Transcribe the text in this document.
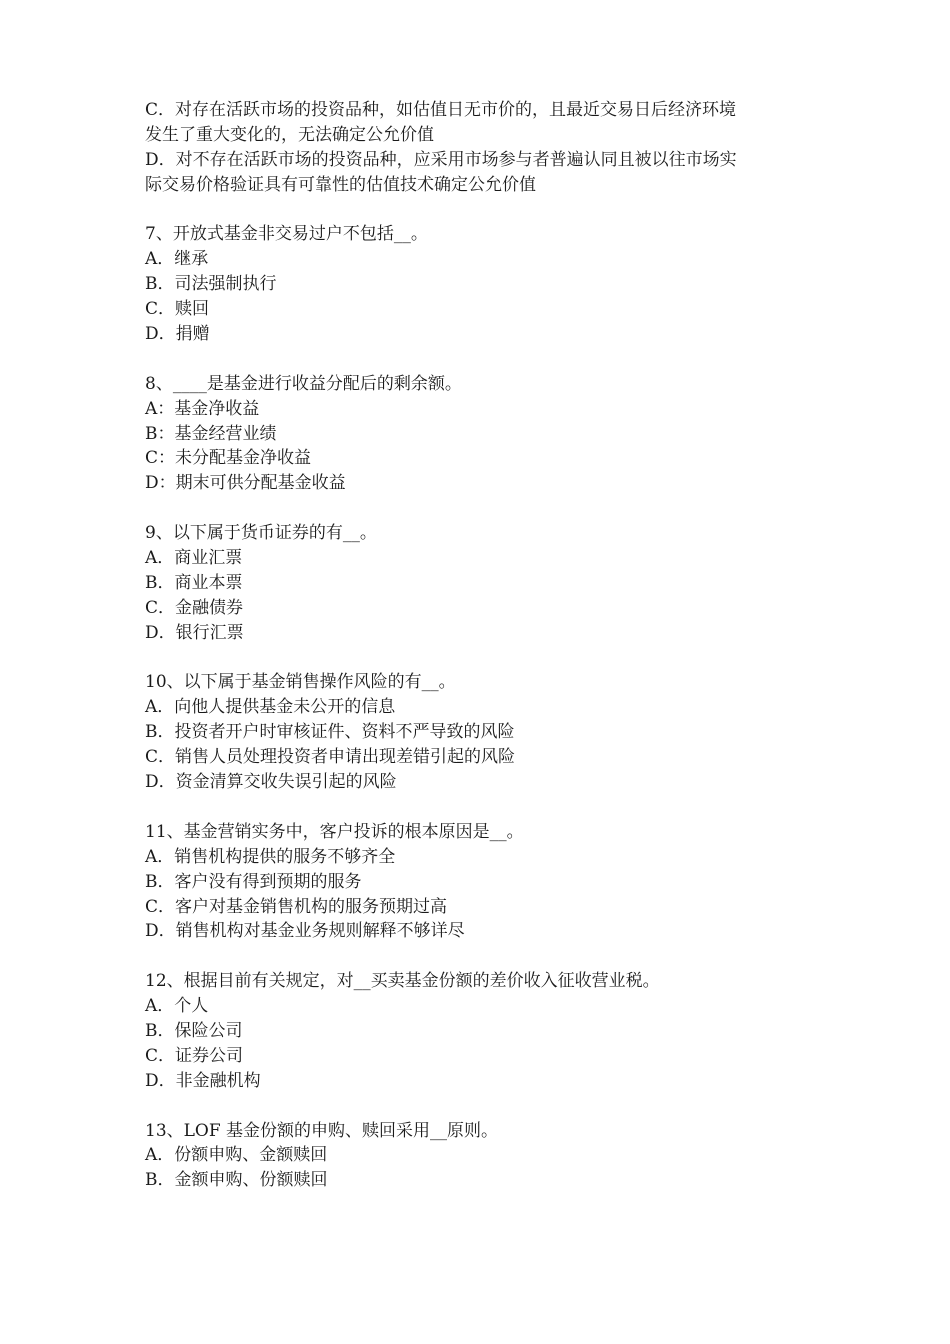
C．对存在活跃市场的投资品种，如估值日无市价的，且最近交易日后经济环境
发生了重大变化的，无法确定公允价值
D．对不存在活跃市场的投资品种，应采用市场参与者普遍认同且被以往市场实
际交易价格验证具有可靠性的估值技术确定公允价值
7、开放式基金非交易过户不包括__。
A．继承
B．司法强制执行
C．赎回
D．捐赠
8、____是基金进行收益分配后的剩余额。
A：基金净收益
B：基金经营业绩
C：未分配基金净收益
D：期末可供分配基金收益
9、以下属于货币证券的有__。
A．商业汇票
B．商业本票
C．金融债券
D．银行汇票
10、以下属于基金销售操作风险的有__。
A．向他人提供基金未公开的信息
B．投资者开户时审核证件、资料不严导致的风险
C．销售人员处理投资者申请出现差错引起的风险
D．资金清算交收失误引起的风险
11、基金营销实务中，客户投诉的根本原因是__。
A．销售机构提供的服务不够齐全
B．客户没有得到预期的服务
C．客户对基金销售机构的服务预期过高
D．销售机构对基金业务规则解释不够详尽
12、根据目前有关规定，对__买卖基金份额的差价收入征收营业税。
A．个人
B．保险公司
C．证券公司
D．非金融机构
13、LOF 基金份额的申购、赎回采用__原则。
A．份额申购、金额赎回
B．金额申购、份额赎回
